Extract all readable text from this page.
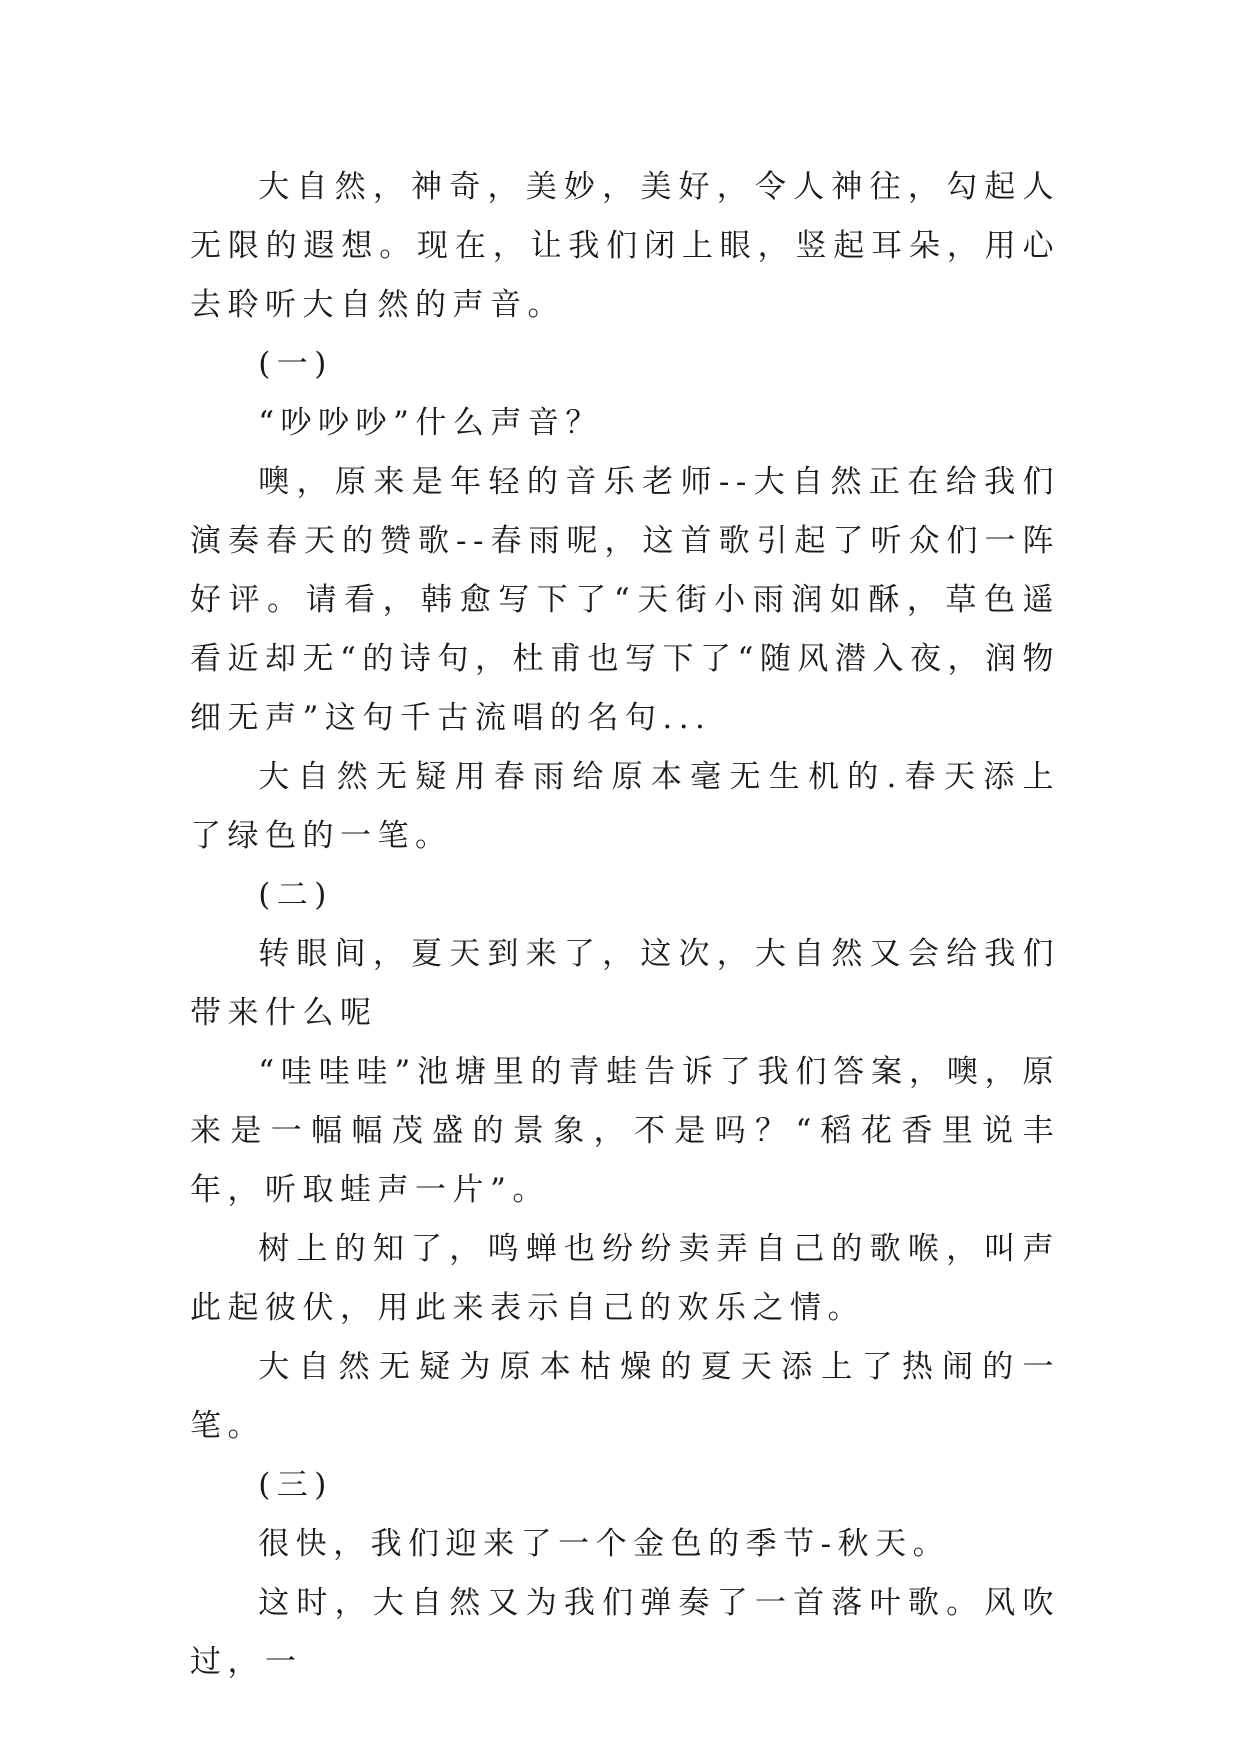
大自然，神奇，美妙，美好，令人神往，勾起人无限的遐想。现在，让我们闭上眼，竖起耳朵，用心去聆听大自然的声音。

(一)

“吵吵吵”什么声音？

噢，原来是年轻的音乐老师--大自然正在给我们演奏春天的赞歌--春雨呢，这首歌引起了听众们一阵好评。请看，韩愈写下了“天街小雨润如酥，草色遥看近却无“的诗句，杜甫也写下了“随风潜入夜，润物细无声”这句千古流唱的名句...

大自然无疑用春雨给原本毫无生机的.春天添上了绿色的一笔。

(二)

转眼间，夏天到来了，这次，大自然又会给我们带来什么呢

“哇哇哇”池塘里的青蛙告诉了我们答案，噢，原来是一幅幅茂盛的景象，不是吗？“稻花香里说丰年，听取蛙声一片”。

树上的知了，鸣蝉也纷纷卖弄自己的歌喉，叫声此起彼伏，用此来表示自己的欢乐之情。

大自然无疑为原本枯燥的夏天添上了热闹的一笔。

(三)

很快，我们迎来了一个金色的季节-秋天。

这时，大自然又为我们弹奏了一首落叶歌。风吹过，一
